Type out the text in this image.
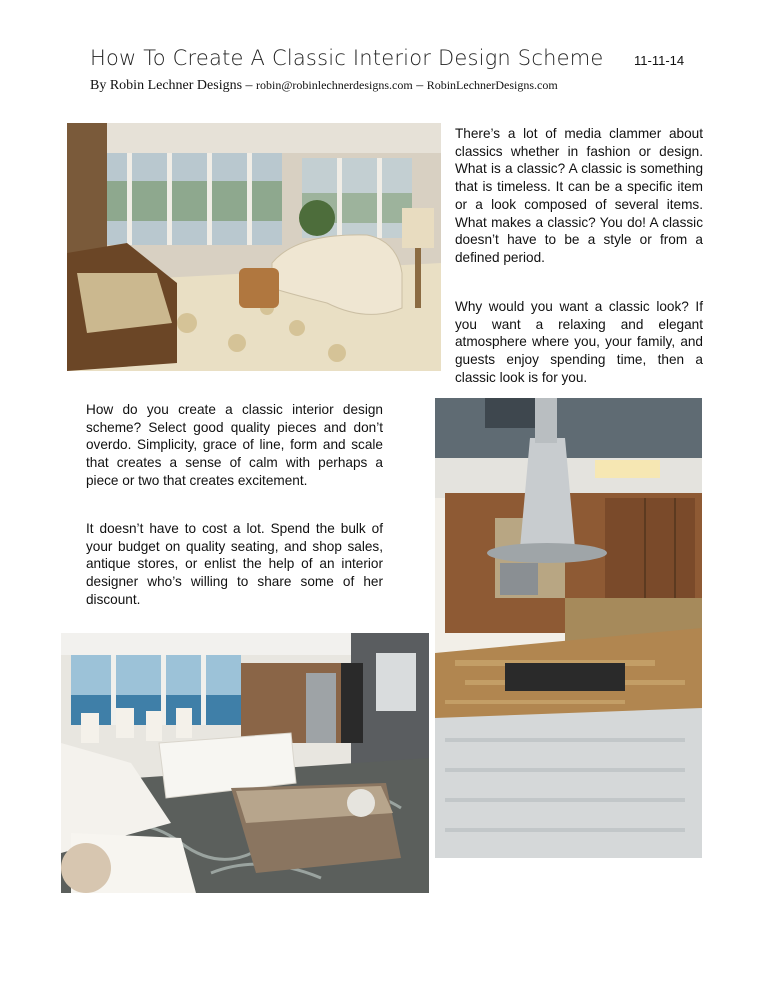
How To Create A Classic Interior Design Scheme 11-11-14
By Robin Lechner Designs – robin@robinlechnerdesigns.com – RobinLechnerDesigns.com

There’s a lot of media clammer about classics whether in fashion or design. What is a classic? A classic is something that is timeless. It can be a specific item or a look composed of several items. What makes a classic? You do! A classic doesn’t have to be a style or from a defined period.

Why would you want a classic look? If you want a relaxing and elegant atmosphere where you, your family, and guests enjoy spending time, then a classic look is for you.

How do you create a classic interior design scheme? Select good quality pieces and don’t overdo. Simplicity, grace of line, form and scale that creates a sense of calm with perhaps a piece or two that creates excitement.

It doesn’t have to cost a lot. Spend the bulk of your budget on quality seating, and shop sales, antique stores, or enlist the help of an interior designer who’s willing to share some of her discount.
